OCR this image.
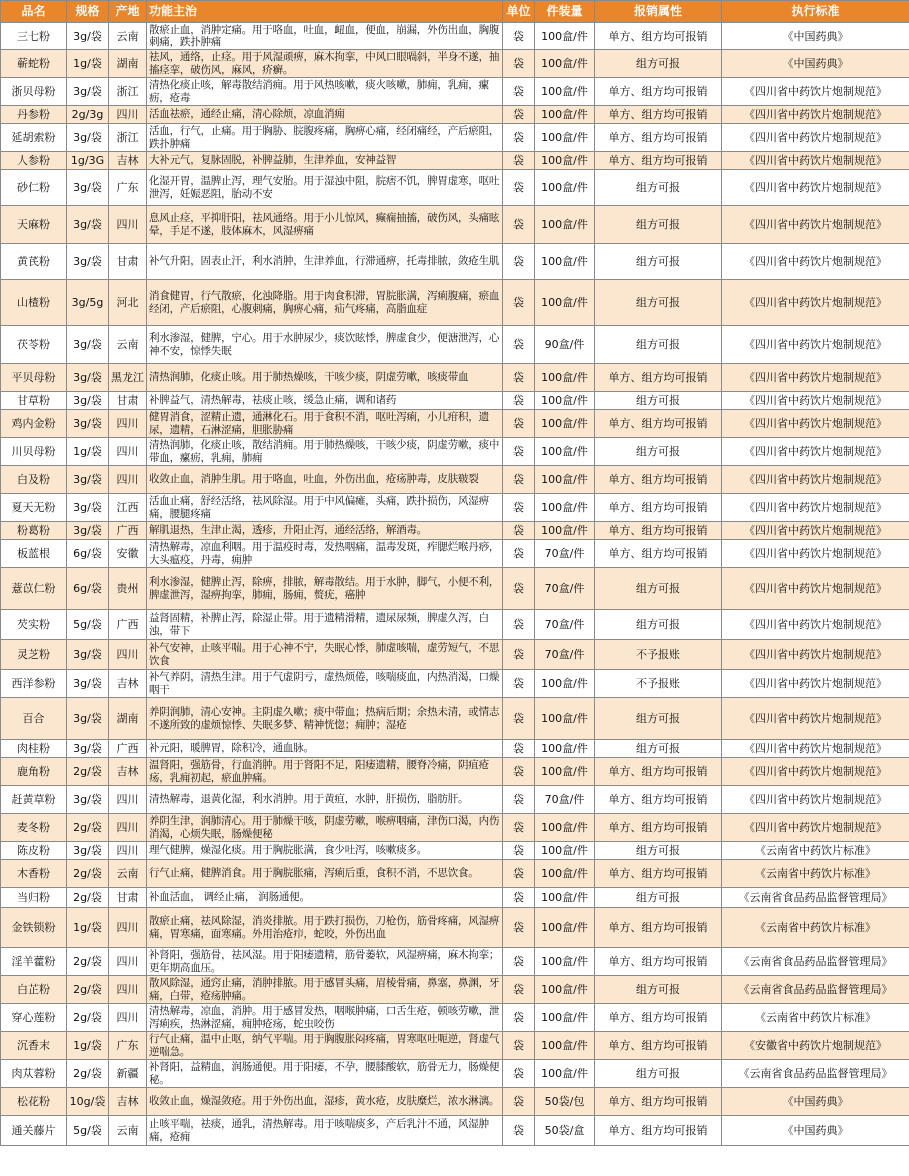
品名	规格	产地	功能主治	单位	件装量	报销属性	执行标准
三七粉	3g/袋	云南	散瘀止血，消肿定痛。用于咯血，吐血，衄血，便血，崩漏，外伤出血，胸腹刺痛，跌扑肿痛	袋	100盒/件	单方、组方均可报销	《中国药典》
蕲蛇粉	1g/袋	湖南	祛风，通络，止痉。用于风湿顽痹，麻木拘挛，中风口眼喎斜，半身不遂，抽搐痉挛，破伤风，麻风，疥癣。	袋	100盒/件	组方可报	《中国药典》
浙贝母粉	3g/袋	浙江	清热化痰止咳，解毒散结消痈。用于风热咳嗽，痰火咳嗽，肺痈，乳痈，瘰疬，疮毒	袋	100盒/件	单方、组方均可报销	《四川省中药饮片炮制规范》
丹参粉	2g/3g	四川	活血祛瘀，通经止痛，清心除烦，凉血消痈	袋	100盒/件	单方、组方均可报销	《四川省中药饮片炮制规范》
延胡索粉	3g/袋	浙江	活血，行气，止痛。用于胸胁、脘腹疼痛，胸痹心痛，经闭痛经，产后瘀阻，跌扑肿痛	袋	100盒/件	单方、组方均可报销	《四川省中药饮片炮制规范》
人参粉	1g/3G	吉林	大补元气，复脉固脱，补脾益肺，生津养血，安神益智	袋	100盒/件	单方、组方均可报销	《四川省中药饮片炮制规范》
砂仁粉	3g/袋	广东	化湿开胃，温脾止泻，理气安胎。用于湿浊中阻，脘痞不饥，脾胃虚寒，呕吐泄泻，妊娠恶阻，胎动不安	袋	100盒/件	组方可报	《四川省中药饮片炮制规范》
天麻粉	3g/袋	四川	息风止痉，平抑肝阳，祛风通络。用于小儿惊风，癫痫抽搐，破伤风，头痛眩晕，手足不遂，肢体麻木，风湿痹痛	袋	100盒/件	组方可报	《四川省中药饮片炮制规范》
黄芪粉	3g/袋	甘肃	补气升阳，固表止汗，利水消肿，生津养血，行滞通痹，托毒排脓，敛疮生肌	袋	100盒/件	组方可报	《四川省中药饮片炮制规范》
山楂粉	3g/5g	河北	消食健胃，行气散瘀，化浊降脂。用于肉食积滞，胃脘胀满，泻痢腹痛，瘀血经闭，产后瘀阻，心腹刺痛，胸痹心痛，疝气疼痛，高脂血症	袋	100盒/件	组方可报	《四川省中药饮片炮制规范》
茯苓粉	3g/袋	云南	利水渗湿，健脾，宁心。用于水肿尿少，痰饮眩悸，脾虚食少，便溏泄泻，心神不安，惊悸失眠	袋	90盒/件	组方可报	《四川省中药饮片炮制规范》
平贝母粉	3g/袋	黑龙江	清热润肺，化痰止咳。用于肺热燥咳，干咳少痰，阴虚劳嗽，咳痰带血	袋	100盒/件	单方、组方均可报销	《四川省中药饮片炮制规范》
甘草粉	3g/袋	甘肃	补脾益气，清热解毒，祛痰止咳，缓急止痛，调和诸药	袋	100盒/件	组方可报	《四川省中药饮片炮制规范》
鸡内金粉	3g/袋	四川	健胃消食，涩精止遗，通淋化石。用于食积不消，呕吐泻痢，小儿疳积，遗尿，遗精，石淋涩痛，胆胀胁痛	袋	100盒/件	单方、组方均可报销	《四川省中药饮片炮制规范》
川贝母粉	1g/袋	四川	清热润肺，化痰止咳，散结消痈。用于肺热燥咳，干咳少痰，阴虚劳嗽，痰中带血，瘰疬，乳痈，肺痈	袋	100盒/件	组方可报	《四川省中药饮片炮制规范》
白及粉	3g/袋	四川	收敛止血，消肿生肌。用于咯血，吐血，外伤出血，疮疡肿毒，皮肤皲裂	袋	100盒/件	单方、组方均可报销	《四川省中药饮片炮制规范》
夏天无粉	3g/袋	江西	活血止痛，舒经活络，祛风除湿。用于中风偏瘫，头痛，跌扑损伤，风湿痹痛，腰腿疼痛	袋	100盒/件	单方、组方均可报销	《四川省中药饮片炮制规范》
粉葛粉	3g/袋	广西	解肌退热，生津止渴，透疹，升阳止泻，通经活络，解酒毒。	袋	100盒/件	单方、组方均可报销	《四川省中药饮片炮制规范》
板蓝根	6g/袋	安徽	清热解毒，凉血利咽。用于温疫时毒，发热咽痛，温毒发斑，痄腮烂喉丹痧，大头瘟疫，丹毒，痈肿	袋	70盒/件	单方、组方均可报销	《四川省中药饮片炮制规范》
薏苡仁粉	6g/袋	贵州	利水渗湿，健脾止泻，除痹，排脓，解毒散结。用于水肿，脚气，小便不利，脾虚泄泻，湿痹拘挛，肺痈，肠痈，赘疣，癌肿	袋	70盒/件	组方可报	《四川省中药饮片炮制规范》
芡实粉	5g/袋	广西	益肾固精，补脾止泻，除湿止带。用于遗精滑精，遗尿尿频，脾虚久泻，白浊，带下	袋	70盒/件	组方可报	《四川省中药饮片炮制规范》
灵芝粉	3g/袋	四川	补气安神，止咳平喘。用于心神不宁，失眠心悸，肺虚咳喘，虚劳短气，不思饮食	袋	70盒/件	不予报账	《四川省中药饮片炮制规范》
西洋参粉	3g/袋	吉林	补气养阴，清热生津。用于气虚阴亏，虚热烦倦，咳喘痰血，内热消渴，口燥咽干	袋	100盒/件	不予报账	《四川省中药饮片炮制规范》
百合	3g/袋	湖南	养阴润肺，清心安神。主阴虚久嗽；痰中带血；热病后期；余热未清，或情志不遂所致的虚烦惊悸、失眠多梦、精神恍惚；痈肿；湿疮	袋	100盒/件	组方可报	《四川省中药饮片炮制规范》
肉桂粉	3g/袋	广西	补元阳，暖脾胃，除积冷，通血脉。	袋	100盒/件	组方可报	《四川省中药饮片炮制规范》
鹿角粉	2g/袋	吉林	温肾阳，强筋骨，行血消肿。用于肾阳不足，阳痿遗精，腰脊冷痛，阴疽疮疡，乳痈初起，瘀血肿痛。	袋	100盒/件	单方、组方均可报销	《四川省中药饮片炮制规范》
赶黄草粉	3g/袋	四川	清热解毒，退黄化湿，利水消肿。用于黄疸，水肿，肝损伤，脂肪肝。	袋	70盒/件	单方、组方均可报销	《四川省中药饮片炮制规范》
麦冬粉	2g/袋	四川	养阴生津，润肺清心。用于肺燥干咳，阴虚劳嗽，喉痹咽痛，津伤口渴，内伤消渴，心烦失眠，肠燥便秘	袋	100盒/件	单方、组方均可报销	《四川省中药饮片炮制规范》
陈皮粉	3g/袋	四川	理气健脾，燥湿化痰。用于胸脘胀满，食少吐泻，咳嗽痰多。	袋	100盒/件	组方可报	《云南省中药饮片标准》
木香粉	2g/袋	云南	行气止痛，健脾消食。用于胸脘胀痛，泻痢后重，食积不消，不思饮食。	袋	100盒/件	单方、组方均可报销	《云南省中药饮片标准》
当归粉	2g/袋	甘肃	补血活血， 调经止痛， 润肠通便。	袋	100盒/件	组方可报	《云南省食品药品监督管理局》
金铁锁粉	1g/袋	四川	散瘀止痛，祛风除湿，消炎排脓。用于跌打损伤，刀枪伤，筋骨疼痛，风湿痹痛，胃寒痛，面寒痛。外用治疮疖，蛇咬，外伤出血	袋	100盒/件	单方、组方均可报销	《云南省中药饮片标准》
淫羊藿粉	2g/袋	四川	补肾阳，强筋骨，祛风湿。用于阳痿遗精，筋骨萎软，风湿痹痛，麻木拘挛；更年期高血压。	袋	100盒/件	单方、组方均可报销	《云南省食品药品监督管理局》
白芷粉	2g/袋	四川	散风除湿，通窍止痛，消肿排脓。用于感冒头痛，眉棱骨痛，鼻塞，鼻渊，牙痛，白带，疮疡肿痛。	袋	100盒/件	组方可报	《云南省食品药品监督管理局》
穿心莲粉	2g/袋	四川	清热解毒，凉血，消肿。用于感冒发热，咽喉肿痛，口舌生疮，顿咳劳嗽，泄泻痢疾，热淋涩痛，痈肿疮疡，蛇虫咬伤	袋	100盒/件	单方、组方均可报销	《云南省中药饮片标准》
沉香末	1g/袋	广东	行气止痛，温中止呕，纳气平喘。用于胸腹胀闷疼痛，胃寒呕吐呃逆，肾虚气逆喘急。	袋	100盒/件	单方、组方均可报销	《安徽省中药饮片炮制规范》
肉苁蓉粉	2g/袋	新疆	补肾阳，益精血，润肠通便。用于阳痿，不孕，腰膝酸软，筋骨无力，肠燥便秘。	袋	100盒/件	组方可报	《云南省食品药品监督管理局》
松花粉	10g/袋	吉林	收敛止血，燥湿敛疮。用于外伤出血，湿疹，黄水疮，皮肤糜烂，浓水淋漓。	袋	50袋/包	单方、组方均可报销	《中国药典》
通关藤片	5g/袋	云南	止咳平喘，祛痰，通乳，清热解毒。用于咳喘痰多，产后乳汁不通，风湿肿痛，疮痈	袋	50袋/盒	单方、组方均可报销	《中国药典》
